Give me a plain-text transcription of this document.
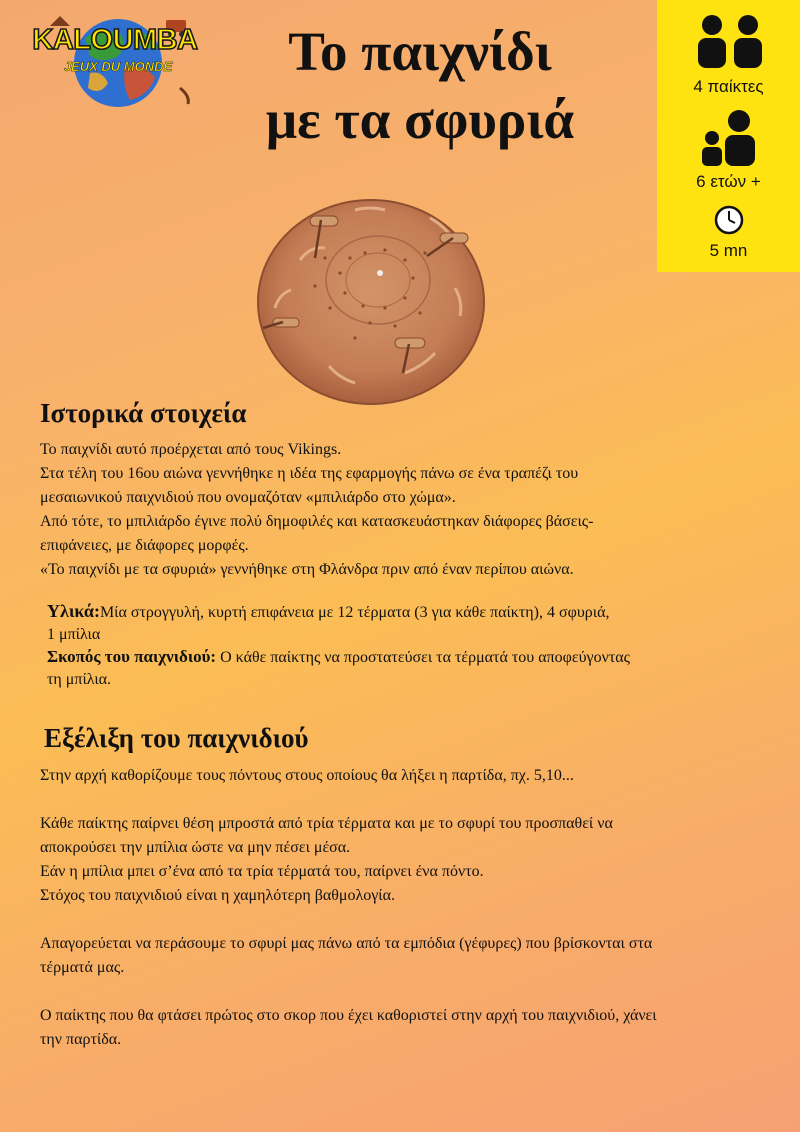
KALOUMBA
JEUX DU MONDE	Το παιχνίδι
με τα σφυριά
4 παίκτες
6 ετών +
5 mn
Ιστορικά στοιχεία

Το παιχνίδι αυτό προέρχεται από τους Vikings.

Στα τέλη του 16ου αιώνα γεννήθηκε η ιδέα της εφαρμογής πάνω σε ένα τραπέζι του

μεσαιωνικού παιχνιδιού που ονομαζόταν «μπιλιάρδο στο χώμα».

Από τότε, το μπιλιάρδο έγινε πολύ δημοφιλές και κατασκευάστηκαν διάφορες βάσεις-

επιφάνειες, με διάφορες μορφές.

«Το παιχνίδι με τα σφυριά» γεννήθηκε στη Φλάνδρα πριν από έναν περίπου αιώνα.

Υλικά:Μία στρογγυλή, κυρτή επιφάνεια με 12 τέρματα (3 για κάθε παίκτη), 4 σφυριά,

1 μπίλια

Σκοπός του παιχνιδιού: Ο κάθε παίκτης να προστατεύσει τα τέρματά του αποφεύγοντας

τη μπίλια.

Εξέλιξη του παιχνιδιού

Στην αρχή καθορίζουμε τους πόντους στους οποίους θα λήξει η παρτίδα, πχ. 5,10...

Κάθε παίκτης παίρνει θέση μπροστά από τρία τέρματα και με το σφυρί του προσπαθεί να

αποκρούσει την μπίλια ώστε να μην πέσει μέσα.

Εάν η μπίλια μπει σ’ένα από τα τρία τέρματά του, παίρνει ένα πόντο.

Στόχος του παιχνιδιού είναι η χαμηλότερη βαθμολογία.

Απαγορεύεται να περάσουμε το σφυρί μας πάνω από τα εμπόδια (γέφυρες) που βρίσκονται στα

τέρματά μας.

Ο παίκτης που θα φτάσει πρώτος στο σκορ που έχει καθοριστεί στην αρχή του παιχνιδιού, χάνει

την παρτίδα.
